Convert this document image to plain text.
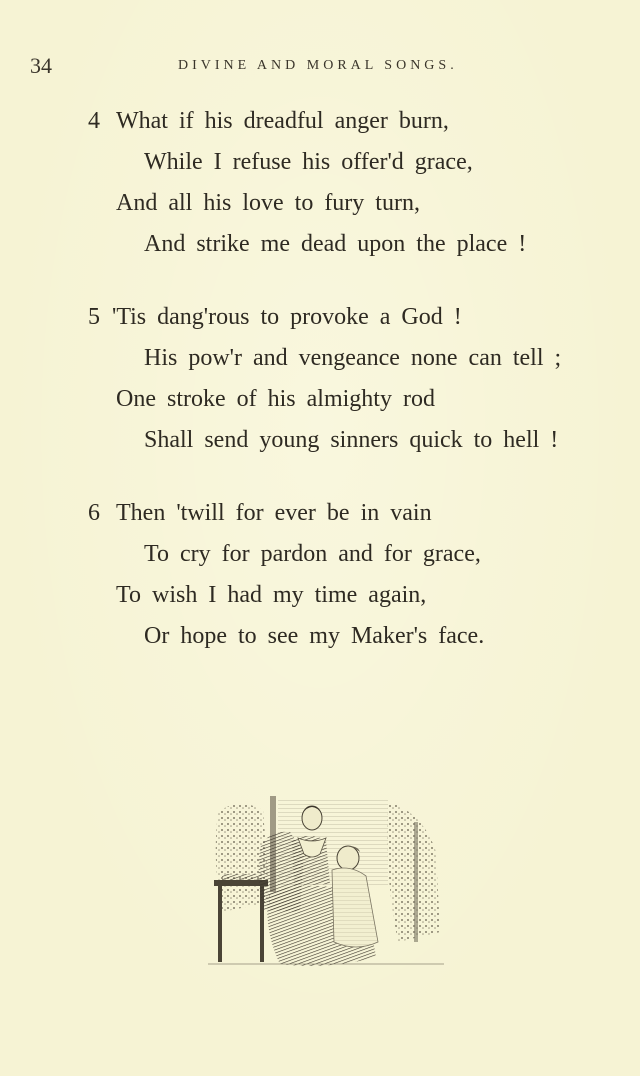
34	DIVINE AND MORAL SONGS.
4 What if his dreadful anger burn,
While I refuse his offer'd grace,
And all his love to fury turn,
And strike me dead upon the place !
5 'Tis dang'rous to provoke a God !
His pow'r and vengeance none can tell ;
One stroke of his almighty rod
Shall send young sinners quick to hell !
6 Then 'twill for ever be in vain
To cry for pardon and for grace,
To wish I had my time again,
Or hope to see my Maker's face.
